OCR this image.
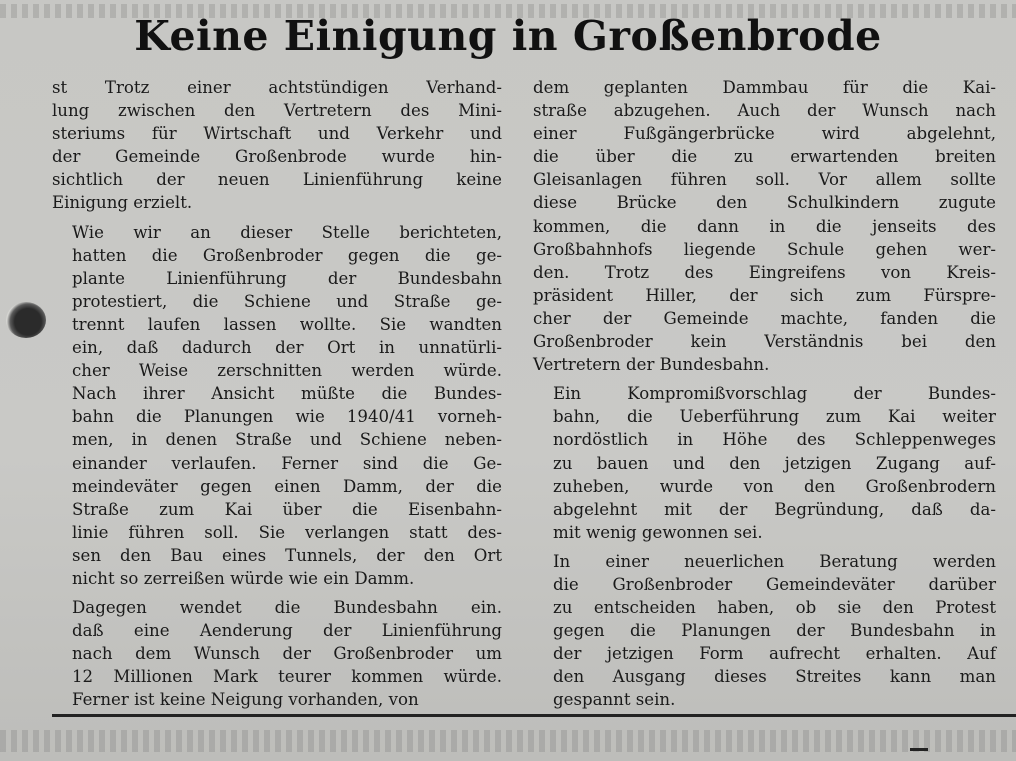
Keine Einigung in Großenbrode

st Trotz einer achtstündigen Verhand-
lung zwischen den Vertretern des Mini-
steriums für Wirtschaft und Verkehr und
der Gemeinde Großenbrode wurde hin-
sichtlich der neuen Linienführung keine
Einigung erzielt.

Wie wir an dieser Stelle berichteten,
hatten die Großenbroder gegen die ge-
plante Linienführung der Bundesbahn
protestiert, die Schiene und Straße ge-
trennt laufen lassen wollte. Sie wandten
ein, daß dadurch der Ort in unnatürli-
cher Weise zerschnitten werden würde.
Nach ihrer Ansicht müßte die Bundes-
bahn die Planungen wie 1940/41 vorneh-
men, in denen Straße und Schiene neben-
einander verlaufen. Ferner sind die Ge-
meindeväter gegen einen Damm, der die
Straße zum Kai über die Eisenbahn-
linie führen soll. Sie verlangen statt des-
sen den Bau eines Tunnels, der den Ort
nicht so zerreißen würde wie ein Damm.

Dagegen wendet die Bundesbahn ein.
daß eine Aenderung der Linienführung
nach dem Wunsch der Großenbroder um
12 Millionen Mark teurer kommen würde.
Ferner ist keine Neigung vorhanden, von

dem geplanten Dammbau für die Kai-
straße abzugehen. Auch der Wunsch nach
einer Fußgängerbrücke wird abgelehnt,
die über die zu erwartenden breiten
Gleisanlagen führen soll. Vor allem sollte
diese Brücke den Schulkindern zugute
kommen, die dann in die jenseits des
Großbahnhofs liegende Schule gehen wer-
den. Trotz des Eingreifens von Kreis-
präsident Hiller, der sich zum Fürspre-
cher der Gemeinde machte, fanden die
Großenbroder kein Verständnis bei den
Vertretern der Bundesbahn.

Ein Kompromißvorschlag der Bundes-
bahn, die Ueberführung zum Kai weiter
nordöstlich in Höhe des Schleppenweges
zu bauen und den jetzigen Zugang auf-
zuheben, wurde von den Großenbrodern
abgelehnt mit der Begründung, daß da-
mit wenig gewonnen sei.

In einer neuerlichen Beratung werden
die Großenbroder Gemeindeväter darüber
zu entscheiden haben, ob sie den Protest
gegen die Planungen der Bundesbahn in
der jetzigen Form aufrecht erhalten. Auf
den Ausgang dieses Streites kann man
gespannt sein.
